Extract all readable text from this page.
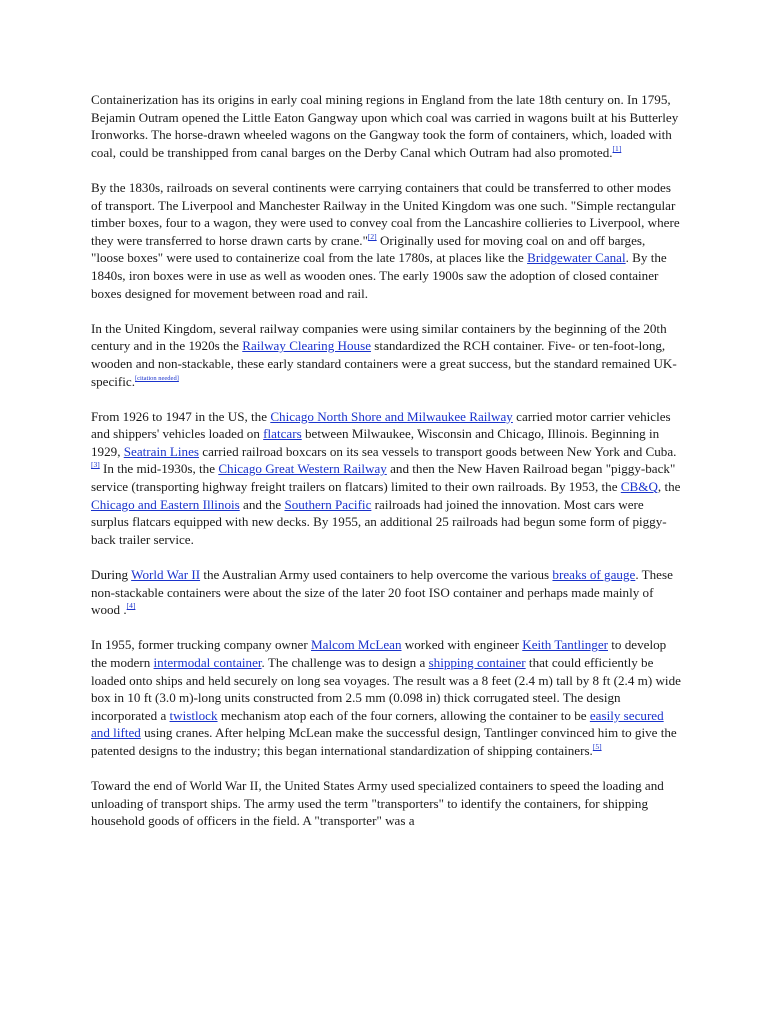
Containerization has its origins in early coal mining regions in England from the late 18th century on. In 1795, Bejamin Outram opened the Little Eaton Gangway upon which coal was carried in wagons built at his Butterley Ironworks. The horse-drawn wheeled wagons on the Gangway took the form of containers, which, loaded with coal, could be transhipped from canal barges on the Derby Canal which Outram had also promoted.[1]

By the 1830s, railroads on several continents were carrying containers that could be transferred to other modes of transport. The Liverpool and Manchester Railway in the United Kingdom was one such. "Simple rectangular timber boxes, four to a wagon, they were used to convey coal from the Lancashire collieries to Liverpool, where they were transferred to horse drawn carts by crane."[2] Originally used for moving coal on and off barges, "loose boxes" were used to containerize coal from the late 1780s, at places like the Bridgewater Canal. By the 1840s, iron boxes were in use as well as wooden ones. The early 1900s saw the adoption of closed container boxes designed for movement between road and rail.

In the United Kingdom, several railway companies were using similar containers by the beginning of the 20th century and in the 1920s the Railway Clearing House standardized the RCH container. Five- or ten-foot-long, wooden and non-stackable, these early standard containers were a great success, but the standard remained UK-specific.[citation needed]

From 1926 to 1947 in the US, the Chicago North Shore and Milwaukee Railway carried motor carrier vehicles and shippers' vehicles loaded on flatcars between Milwaukee, Wisconsin and Chicago, Illinois. Beginning in 1929, Seatrain Lines carried railroad boxcars on its sea vessels to transport goods between New York and Cuba.[3] In the mid-1930s, the Chicago Great Western Railway and then the New Haven Railroad began "piggy-back" service (transporting highway freight trailers on flatcars) limited to their own railroads. By 1953, the CB&Q, the Chicago and Eastern Illinois and the Southern Pacific railroads had joined the innovation. Most cars were surplus flatcars equipped with new decks. By 1955, an additional 25 railroads had begun some form of piggy-back trailer service.

During World War II the Australian Army used containers to help overcome the various breaks of gauge. These non-stackable containers were about the size of the later 20 foot ISO container and perhaps made mainly of wood .[4]

In 1955, former trucking company owner Malcom McLean worked with engineer Keith Tantlinger to develop the modern intermodal container. The challenge was to design a shipping container that could efficiently be loaded onto ships and held securely on long sea voyages. The result was a 8 feet (2.4 m) tall by 8 ft (2.4 m) wide box in 10 ft (3.0 m)-long units constructed from 2.5 mm (0.098 in) thick corrugated steel. The design incorporated a twistlock mechanism atop each of the four corners, allowing the container to be easily secured and lifted using cranes. After helping McLean make the successful design, Tantlinger convinced him to give the patented designs to the industry; this began international standardization of shipping containers.[5]

Toward the end of World War II, the United States Army used specialized containers to speed the loading and unloading of transport ships. The army used the term "transporters" to identify the containers, for shipping household goods of officers in the field. A "transporter" was a
